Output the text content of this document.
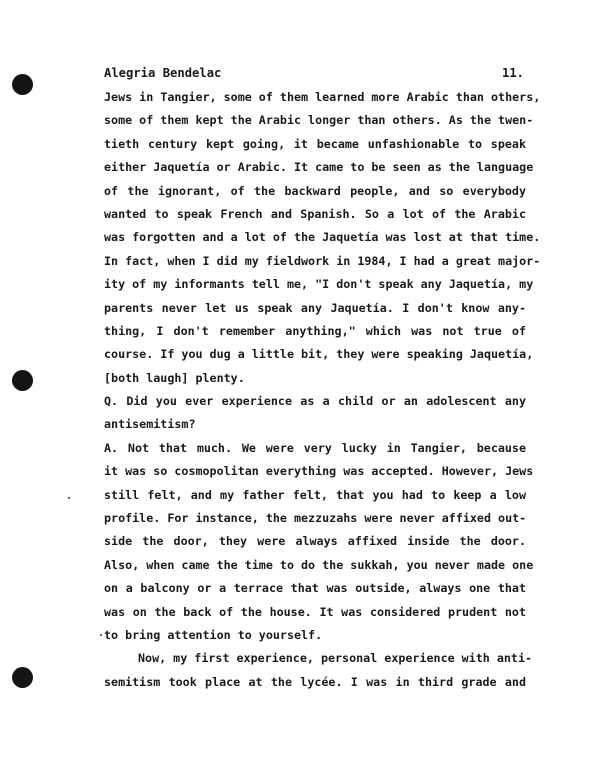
Alegria Bendelac	11.
Jews in Tangier, some of them learned more Arabic than others,
some of them kept the Arabic longer than others. As the twen-
tieth century kept going, it became unfashionable to speak
either Jaquetía or Arabic. It came to be seen as the language
of the ignorant, of the backward people, and so everybody
wanted to speak French and Spanish. So a lot of the Arabic
was forgotten and a lot of the Jaquetía was lost at that time.
In fact, when I did my fieldwork in 1984, I had a great major-
ity of my informants tell me, "I don't speak any Jaquetía, my
parents never let us speak any Jaquetía. I don't know any-
thing, I don't remember anything," which was not true of
course. If you dug a little bit, they were speaking Jaquetía,
[both laugh] plenty.
Q. Did you ever experience as a child or an adolescent any
antisemitism?
A. Not that much. We were very lucky in Tangier, because
it was so cosmopolitan everything was accepted. However, Jews
still felt, and my father felt, that you had to keep a low
profile. For instance, the mezzuzahs were never affixed out-
side the door, they were always affixed inside the door.
Also, when came the time to do the sukkah, you never made one
on a balcony or a terrace that was outside, always one that
was on the back of the house. It was considered prudent not
to bring attention to yourself.
Now, my first experience, personal experience with anti-
semitism took place at the lycée. I was in third grade and
